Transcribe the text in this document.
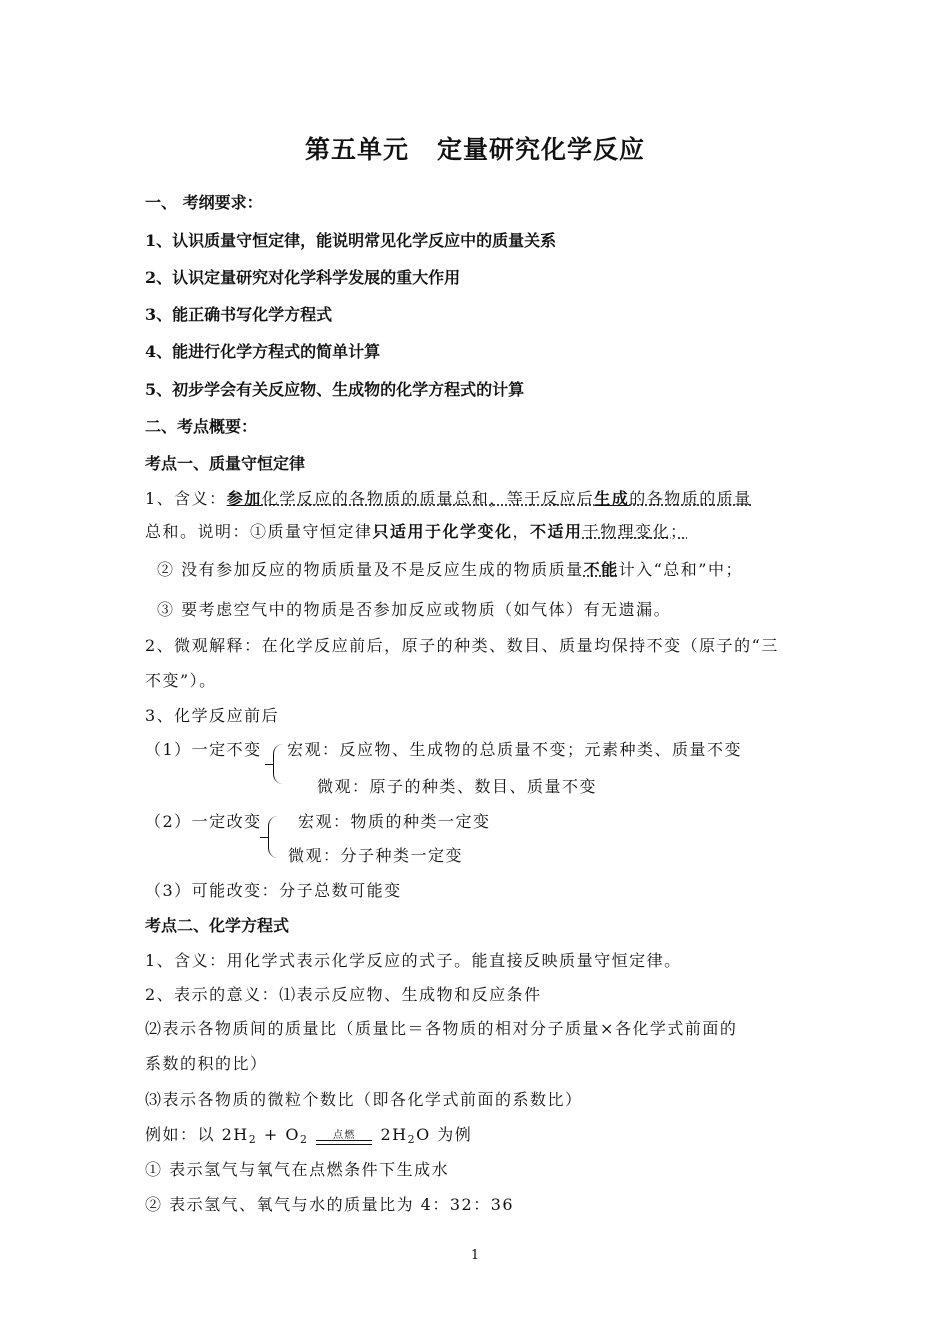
第五单元 定量研究化学反应
一、 考纲要求：
1、认识质量守恒定律，能说明常见化学反应中的质量关系
2、认识定量研究对化学科学发展的重大作用
3、能正确书写化学方程式
4、能进行化学方程式的简单计算
5、初步学会有关反应物、生成物的化学方程式的计算
二、考点概要：
考点一、质量守恒定律
1、含义：参加化学反应的各物质的质量总和，等于反应后生成的各物质的质量
总和。说明：①质量守恒定律只适用于化学变化，不适用于物理变化；
② 没有参加反应的物质质量及不是反应生成的物质质量不能计入“总和”中；
③ 要考虑空气中的物质是否参加反应或物质（如气体）有无遗漏。
2、微观解释：在化学反应前后，原子的种类、数目、质量均保持不变（原子的“三
不变”）。
3、化学反应前后
（1）一定不变 宏观：反应物、生成物的总质量不变；元素种类、质量不变
微观：原子的种类、数目、质量不变
（2）一定改变 宏观：物质的种类一定变
微观：分子种类一定变
（3）可能改变：分子总数可能变
考点二、化学方程式
1、含义：用化学式表示化学反应的式子。能直接反映质量守恒定律。
2、表示的意义：⑴表示反应物、生成物和反应条件
⑵表示各物质间的质量比（质量比＝各物质的相对分子质量×各化学式前面的
系数的积的比）
⑶表示各物质的微粒个数比（即各化学式前面的系数比）
例如：以 $2H_2 + O_2$ 点燃 $2H_2O$ 为例
① 表示氢气与氧气在点燃条件下生成水
② 表示氢气、氧气与水的质量比为 4：32：36
1
